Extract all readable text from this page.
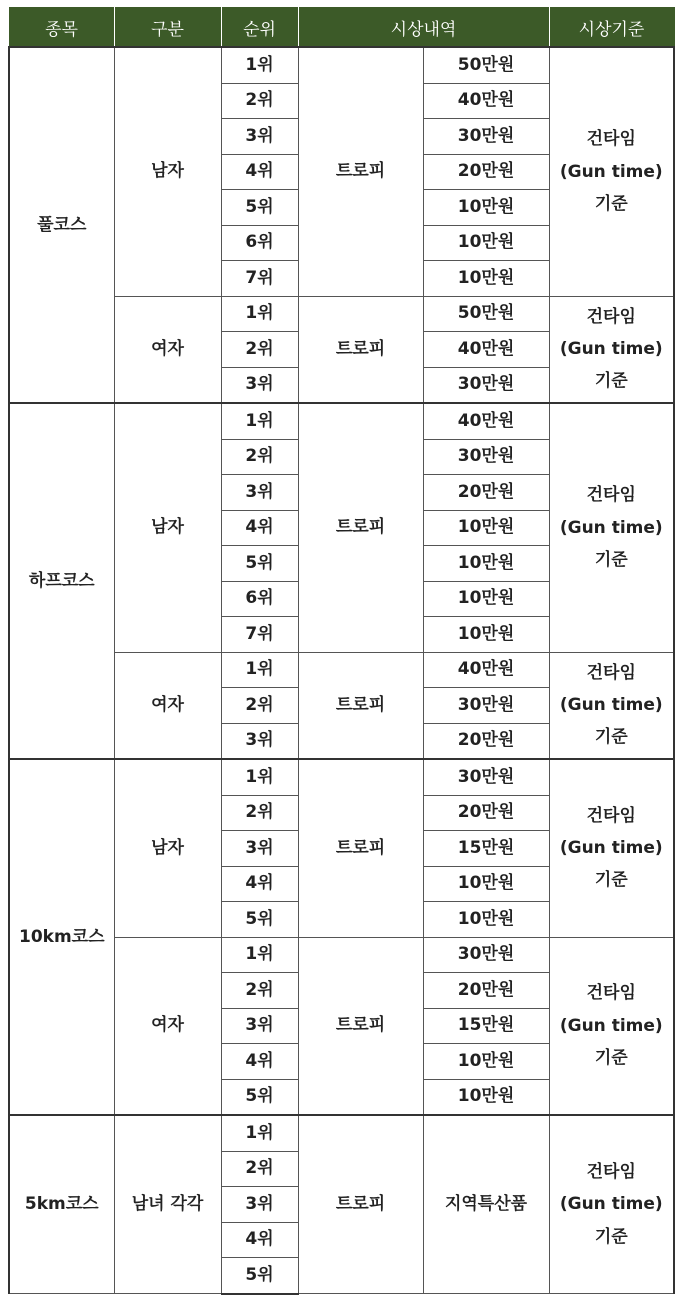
종목	구분	순위	시상내역		시상기준
풀코스	남자	1위	트로피	50만원	건타임
(Gun time)
기준

		2위		40만원	
		3위		30만원	
		4위		20만원	
		5위		10만원	
		6위		10만원	
		7위		10만원	
	여자	1위	트로피	50만원	건타임
(Gun time)
기준

		2위		40만원	
		3위		30만원	
하프코스	남자	1위	트로피	40만원	건타임
(Gun time)
기준

		2위		30만원	
		3위		20만원	
		4위		10만원	
		5위		10만원	
		6위		10만원	
		7위		10만원	
	여자	1위	트로피	40만원	건타임
(Gun time)
기준

		2위		30만원	
		3위		20만원	
10km코스	남자	1위	트로피	30만원	건타임
(Gun time)
기준

		2위		20만원	
		3위		15만원	
		4위		10만원	
		5위		10만원	
	여자	1위	트로피	30만원	건타임
(Gun time)
기준

		2위		20만원	
		3위		15만원	
		4위		10만원	
		5위		10만원	
5km코스	남녀 각각	1위	트로피	지역특산품	건타임
(Gun time)
기준

		2위			
		3위			
		4위			
		5위			
